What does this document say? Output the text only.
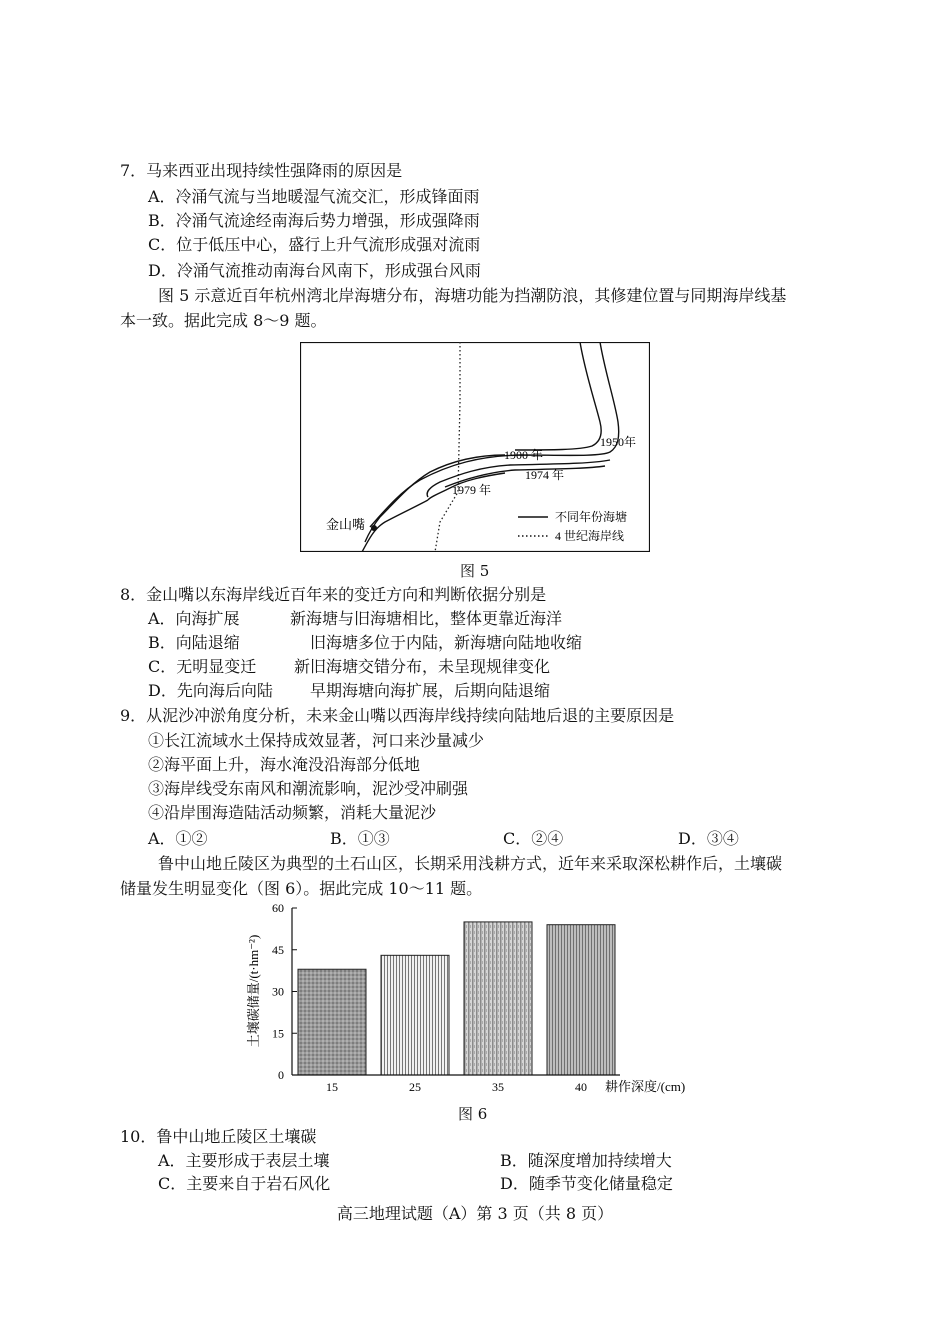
7．马来西亚出现持续性强降雨的原因是
A．冷涌气流与当地暖湿气流交汇，形成锋面雨
B．冷涌气流途经南海后势力增强，形成强降雨
C．位于低压中心，盛行上升气流形成强对流雨
D．冷涌气流推动南海台风南下，形成强台风雨
图 5 示意近百年杭州湾北岸海塘分布，海塘功能为挡潮防浪，其修建位置与同期海岸线基
本一致。据此完成 8～9 题。
1950年
1900 年
1974 年
1979 年
金山嘴	不同年份海塘
4 世纪海岸线
图 5
8．金山嘴以东海岸线近百年来的变迁方向和判断依据分别是
A．向海扩展	新海塘与旧海塘相比，整体更靠近海洋
B．向陆退缩	旧海塘多位于内陆，新海塘向陆地收缩
C．无明显变迁 新旧海塘交错分布，未呈现规律变化
D．先向海后向陆 早期海塘向海扩展，后期向陆退缩
9．从泥沙冲淤角度分析，未来金山嘴以西海岸线持续向陆地后退的主要原因是
①长江流域水土保持成效显著，河口来沙量减少
②海平面上升，海水淹没沿海部分低地
③海岸线受东南风和潮流影响，泥沙受冲刷强
④沿岸围海造陆活动频繁，消耗大量泥沙
A．①②	B．①③	C．②④	D．③④
鲁中山地丘陵区为典型的土石山区，长期采用浅耕方式，近年来采取深松耕作后，土壤碳
储量发生明显变化（图 6）。据此完成 10～11 题。
0
15
30
45
60
15	25	35	40
土壤碳储量/(t·hm⁻²)
耕作深度/(cm)
图 6
10．鲁中山地丘陵区土壤碳
A．主要形成于表层土壤	B．随深度增加持续增大
C．主要来自于岩石风化	D．随季节变化储量稳定
高三地理试题（A）第 3 页（共 8 页）
